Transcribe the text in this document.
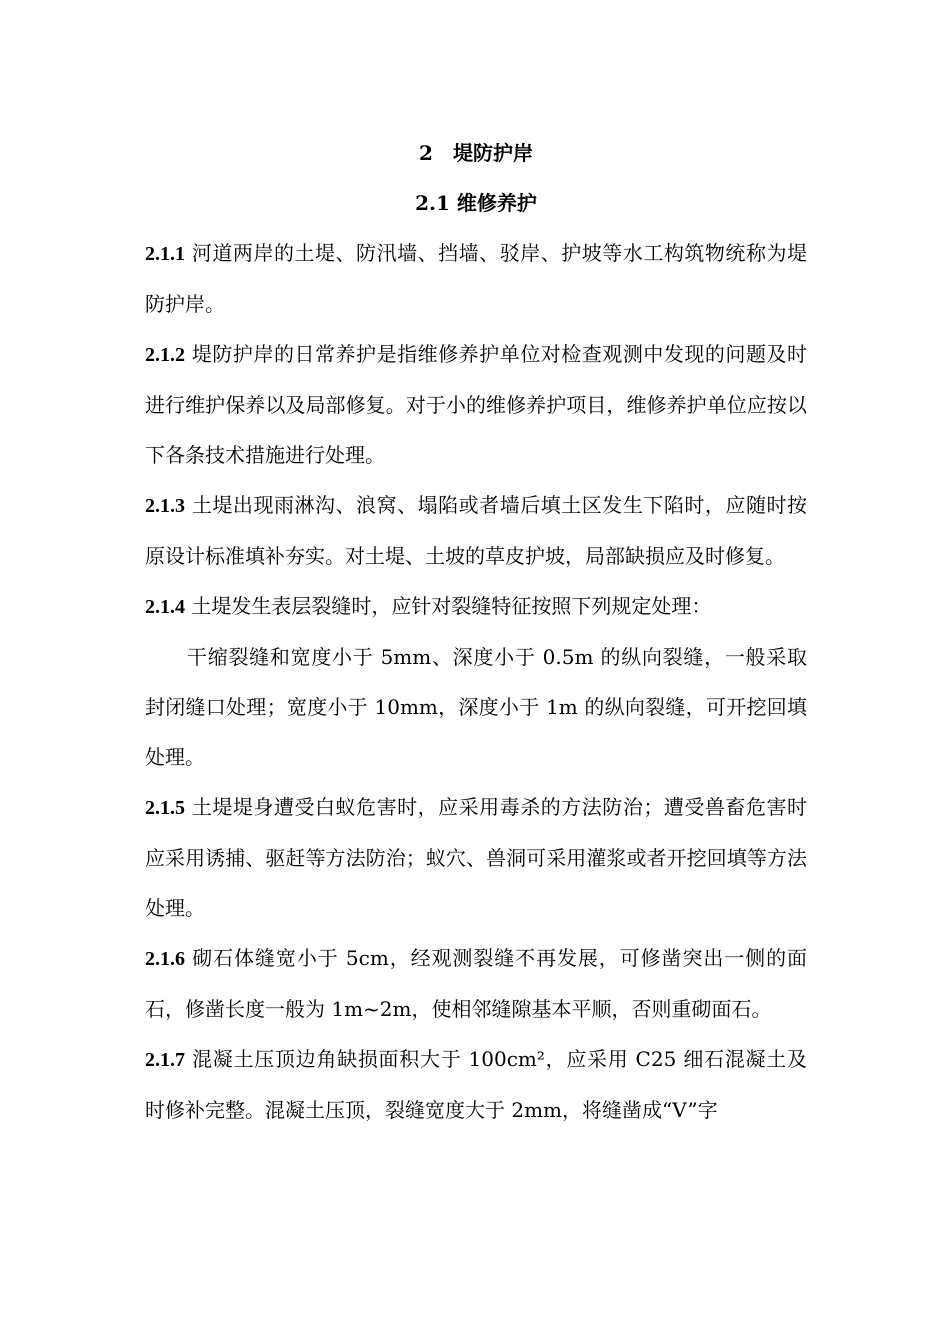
2　堤防护岸

2.1 维修养护

2.1.1 河道两岸的土堤、防汛墙、挡墙、驳岸、护坡等水工构筑物统称为堤防护岸。

2.1.2 堤防护岸的日常养护是指维修养护单位对检查观测中发现的问题及时进行维护保养以及局部修复。对于小的维修养护项目，维修养护单位应按以下各条技术措施进行处理。

2.1.3 土堤出现雨淋沟、浪窝、塌陷或者墙后填土区发生下陷时，应随时按原设计标准填补夯实。对土堤、土坡的草皮护坡，局部缺损应及时修复。

2.1.4 土堤发生表层裂缝时，应针对裂缝特征按照下列规定处理：

干缩裂缝和宽度小于 5mm、深度小于 0.5m 的纵向裂缝，一般采取封闭缝口处理；宽度小于 10mm，深度小于 1m 的纵向裂缝，可开挖回填处理。

2.1.5 土堤堤身遭受白蚁危害时，应采用毒杀的方法防治；遭受兽畜危害时应采用诱捕、驱赶等方法防治；蚁穴、兽洞可采用灌浆或者开挖回填等方法处理。

2.1.6 砌石体缝宽小于 5cm，经观测裂缝不再发展，可修凿突出一侧的面石，修凿长度一般为 1m~2m，使相邻缝隙基本平顺，否则重砌面石。

2.1.7 混凝土压顶边角缺损面积大于 100cm²，应采用 C25 细石混凝土及时修补完整。混凝土压顶，裂缝宽度大于 2mm，将缝凿成“V”字
